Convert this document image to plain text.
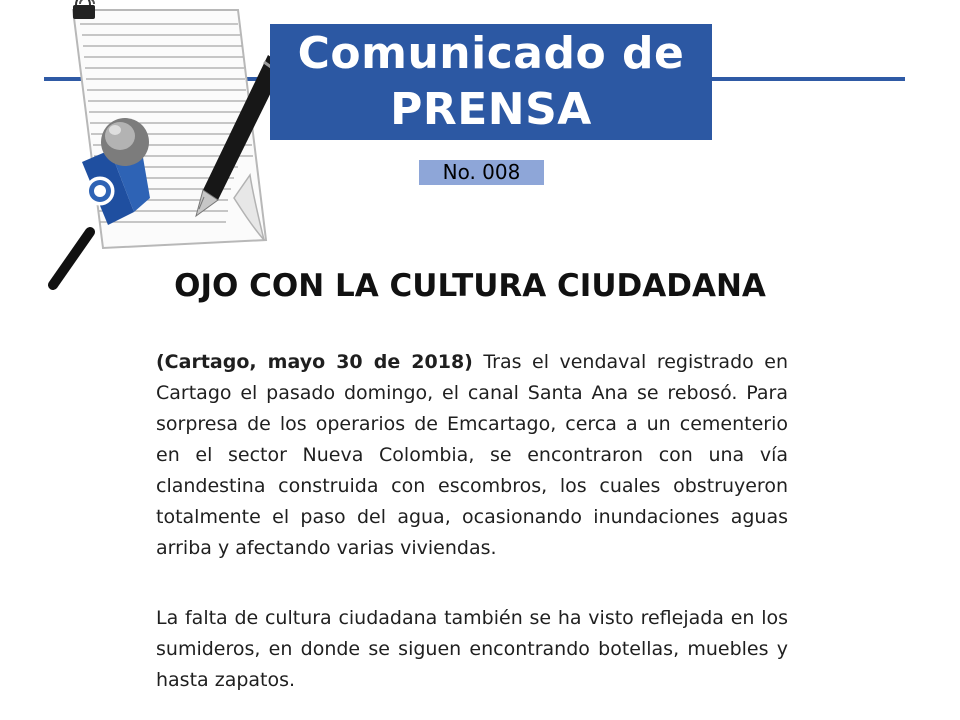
Comunicado de
PRENSA
No. 008
OJO CON LA CULTURA CIUDADANA
(Cartago, mayo 30 de 2018) Tras el vendaval registrado en Cartago el pasado domingo, el canal Santa Ana se rebosó. Para sorpresa de los operarios de Emcartago, cerca a un cementerio en el sector Nueva Colombia, se encontraron con una vía clandestina construida con escombros, los cuales obstruyeron totalmente el paso del agua, ocasionando inundaciones aguas arriba y afectando varias viviendas.
La falta de cultura ciudadana también se ha visto reflejada en los sumideros, en donde se siguen encontrando botellas, muebles y hasta zapatos.
